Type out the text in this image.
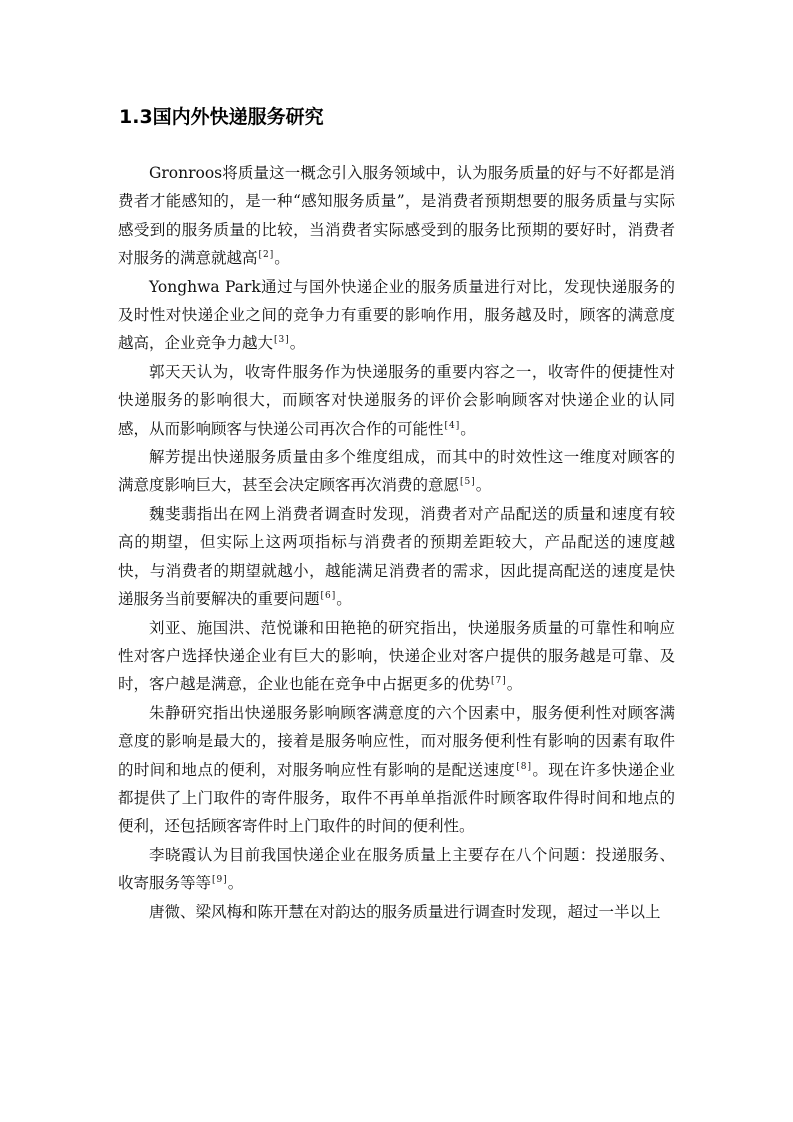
1.3国内外快递服务研究

Gronroos将质量这一概念引入服务领域中，认为服务质量的好与不好都是消费者才能感知的，是一种“感知服务质量”，是消费者预期想要的服务质量与实际感受到的服务质量的比较，当消费者实际感受到的服务比预期的要好时，消费者对服务的满意就越高[2]。

Yonghwa Park通过与国外快递企业的服务质量进行对比，发现快递服务的及时性对快递企业之间的竞争力有重要的影响作用，服务越及时，顾客的满意度越高，企业竞争力越大[3]。

郭天天认为，收寄件服务作为快递服务的重要内容之一，收寄件的便捷性对快递服务的影响很大，而顾客对快递服务的评价会影响顾客对快递企业的认同感，从而影响顾客与快递公司再次合作的可能性[4]。

解芳提出快递服务质量由多个维度组成，而其中的时效性这一维度对顾客的满意度影响巨大，甚至会决定顾客再次消费的意愿[5]。

魏斐翡指出在网上消费者调查时发现，消费者对产品配送的质量和速度有较高的期望，但实际上这两项指标与消费者的预期差距较大，产品配送的速度越快，与消费者的期望就越小，越能满足消费者的需求，因此提高配送的速度是快递服务当前要解决的重要问题[6]。

刘亚、施国洪、范悦谦和田艳艳的研究指出，快递服务质量的可靠性和响应性对客户选择快递企业有巨大的影响，快递企业对客户提供的服务越是可靠、及时，客户越是满意，企业也能在竞争中占据更多的优势[7]。

朱静研究指出快递服务影响顾客满意度的六个因素中，服务便利性对顾客满意度的影响是最大的，接着是服务响应性，而对服务便利性有影响的因素有取件的时间和地点的便利，对服务响应性有影响的是配送速度[8]。现在许多快递企业都提供了上门取件的寄件服务，取件不再单单指派件时顾客取件得时间和地点的便利，还包括顾客寄件时上门取件的时间的便利性。

李晓霞认为目前我国快递企业在服务质量上主要存在八个问题：投递服务、收寄服务等等[9]。

唐微、梁风梅和陈开慧在对韵达的服务质量进行调查时发现，超过一半以上
